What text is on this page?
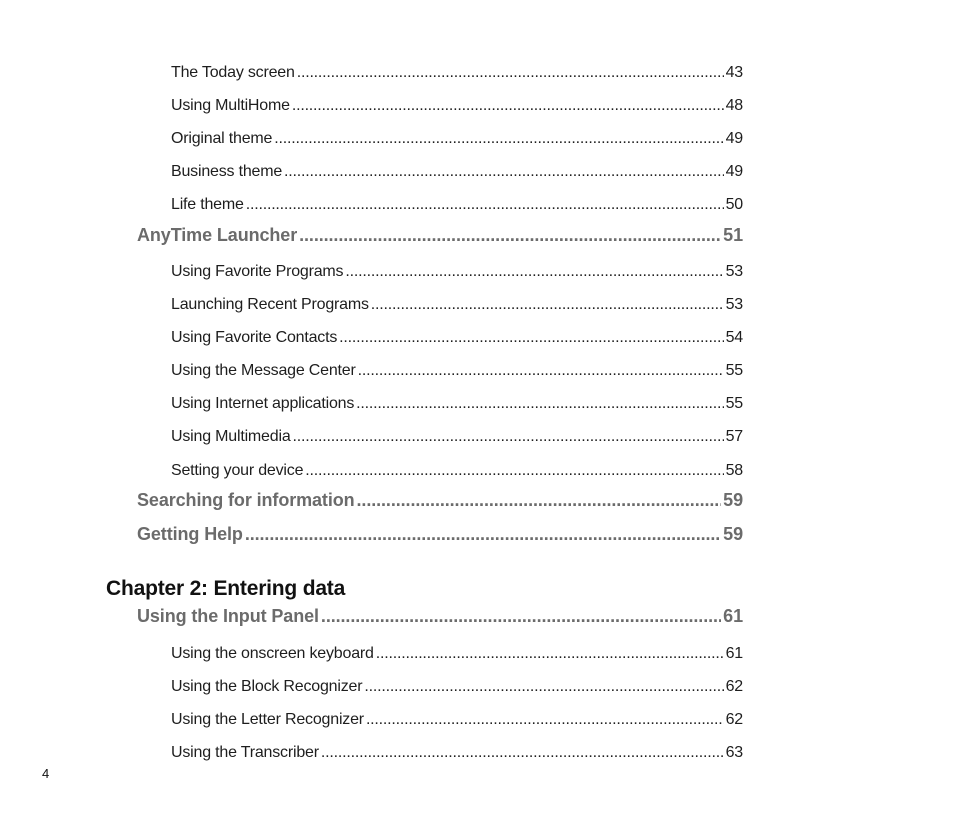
The Today screen .....	43
Using MultiHome .....	48
Original theme .....	49
Business theme .....	49
Life theme .....	50
AnyTime Launcher .....	51
Using Favorite Programs .....	53
Launching Recent Programs .....	53
Using Favorite Contacts .....	54
Using the Message Center .....	55
Using Internet applications .....	55
Using Multimedia .....	57
Setting your device .....	58
Searching for information .....	59
Getting Help .....	59
Chapter 2: Entering data
Using the Input Panel .....	61
Using the onscreen keyboard .....	61
Using the Block Recognizer .....	62
Using the Letter Recognizer .....	62
Using the Transcriber .....	63
4
